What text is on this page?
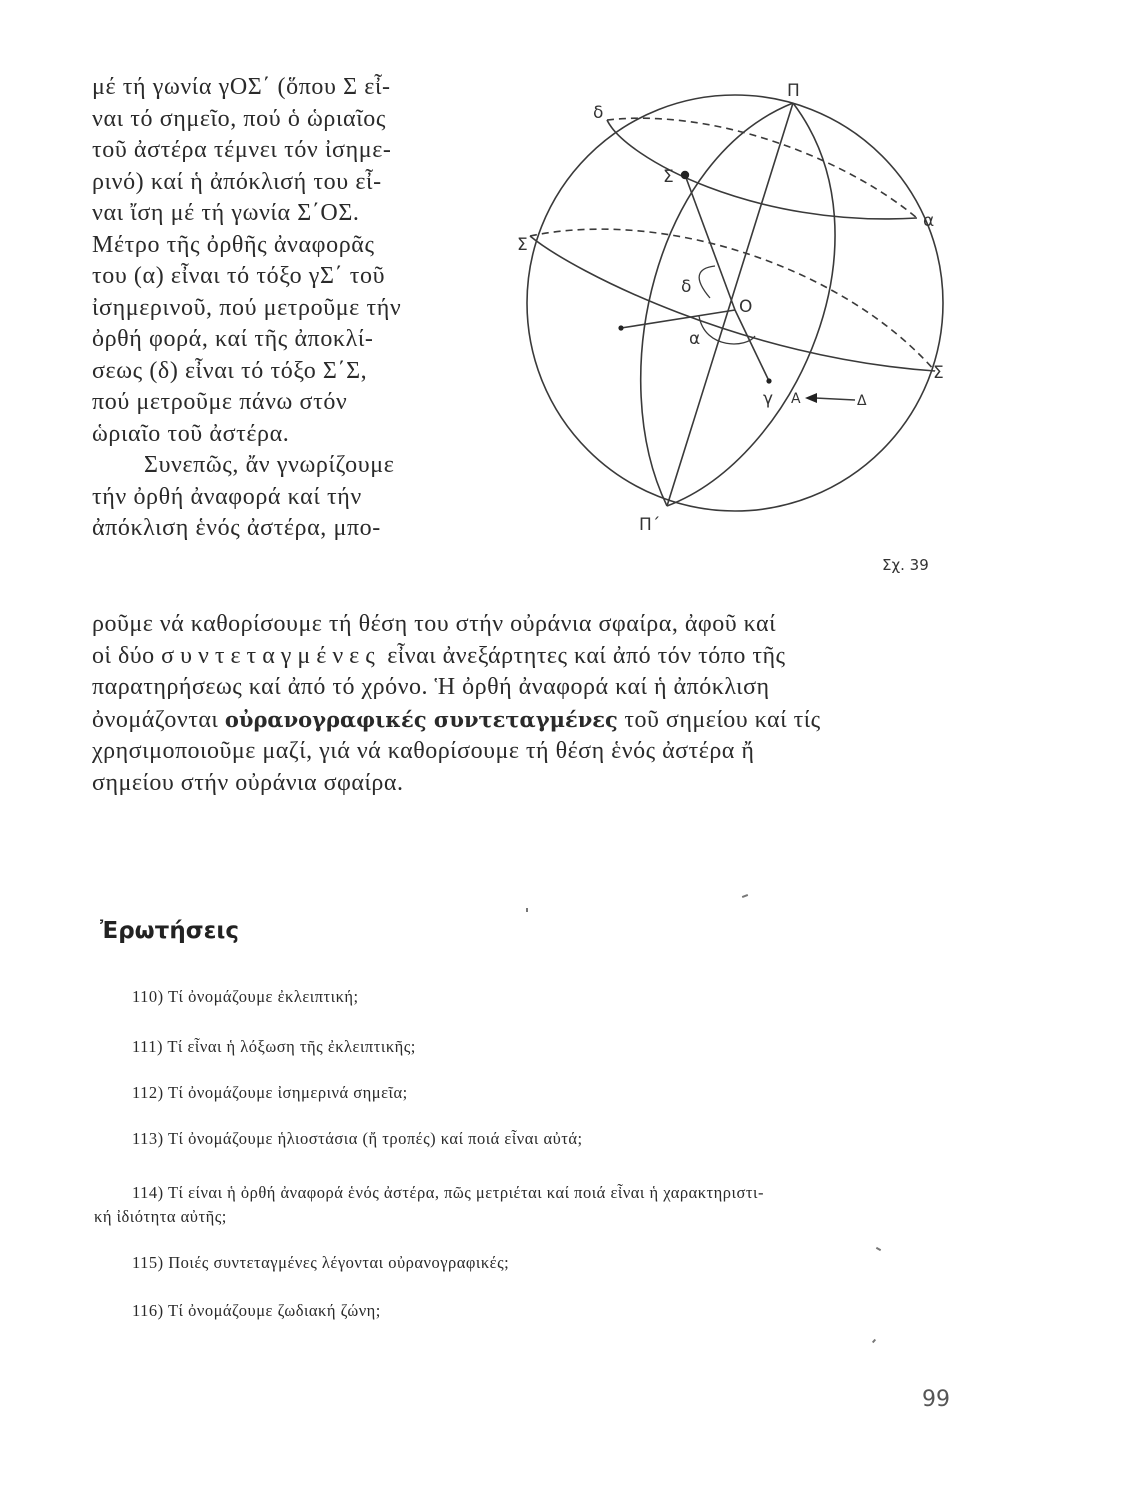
μέ τή γωνία γΟΣ΄ (ὅπου Σ εἶ-
ναι τό σημεῖο, πού ὁ ὡριαῖος
τοῦ ἀστέρα τέμνει τόν ἰσημε-
ρινό) καί ἡ ἀπόκλισή του εἶ-
ναι ἴση μέ τή γωνία Σ΄ΟΣ.
Μέτρο τῆς ὀρθῆς ἀναφορᾶς
του (α) εἶναι τό τόξο γΣ΄ τοῦ
ἰσημερινοῦ, πού μετροῦμε τήν
ὀρθή φορά, καί τῆς ἀποκλί-
σεως (δ) εἶναι τό τόξο Σ΄Σ,
πού μετροῦμε πάνω στόν
ὡριαῖο τοῦ ἀστέρα.
Συνεπῶς, ἄν γνωρίζουμε
τήν ὀρθή ἀναφορά καί τήν
ἀπόκλιση ἑνός ἀστέρα, μπο-
ροῦμε νά καθορίσουμε τή θέση του στήν οὐράνια σφαίρα, ἀφοῦ καί
οἱ δύο συντεταγμένες εἶναι ἀνεξάρτητες καί ἀπό τόν τόπο τῆς
παρατηρήσεως καί ἀπό τό χρόνο. Ἡ ὀρθή ἀναφορά καί ἡ ἀπόκλιση
ὀνομάζονται οὐρανογραφικές συντεταγμένες τοῦ σημείου καί τίς
χρησιμοποιοῦμε μαζί, γιά νά καθορίσουμε τή θέση ἑνός ἀστέρα ἤ
σημείου στήν οὐράνια σφαίρα.
Π
Π΄
δ
α
Σ
Σ
Σ
Ο
δ
α
γ Α	Δ
Σχ. 39
Ἐρωτήσεις

110) Τί ὀνομάζουμε ἐκλειπτική;

111) Τί εἶναι ἡ λόξωση τῆς ἐκλειπτικῆς;

112) Τί ὀνομάζουμε ἰσημερινά σημεῖα;

113) Τί ὀνομάζουμε ἡλιοστάσια (ἤ τροπές) καί ποιά εἶναι αὐτά;

114) Τί είναι ἡ ὀρθή ἀναφορά ἑνός ἀστέρα, πῶς μετριέται καί ποιά εἶναι ἡ χαρακτηριστι-
κή ἰδιότητα αὐτῆς;

115) Ποιές συντεταγμένες λέγονται οὐρανογραφικές;

116) Τί ὀνομάζουμε ζωδιακή ζώνη;

99
